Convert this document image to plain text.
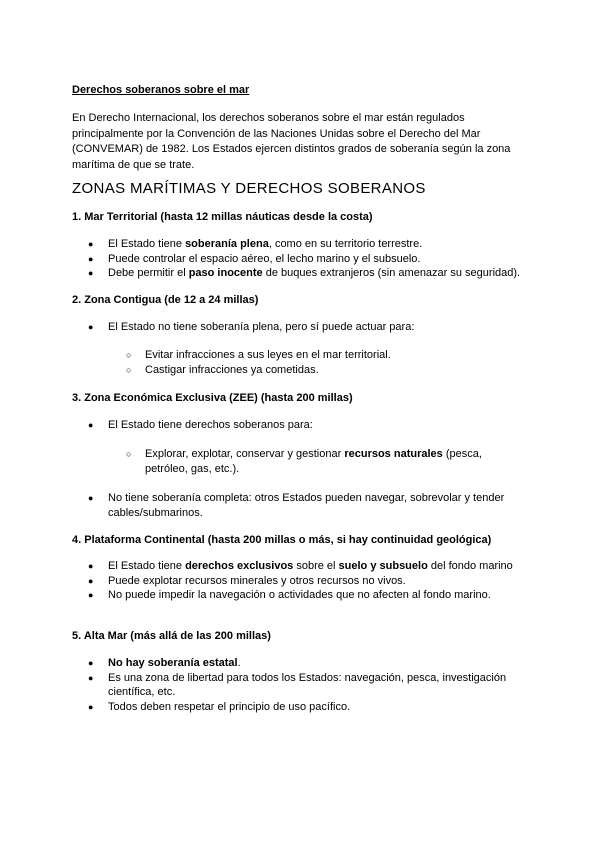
Derechos soberanos sobre el mar
En Derecho Internacional, los derechos soberanos sobre el mar están regulados principalmente por la Convención de las Naciones Unidas sobre el Derecho del Mar (CONVEMAR) de 1982. Los Estados ejercen distintos grados de soberanía según la zona marítima de que se trate.
ZONAS MARÍTIMAS Y DERECHOS SOBERANOS
1. Mar Territorial (hasta 12 millas náuticas desde la costa)
● El Estado tiene soberanía plena, como en su territorio terrestre.
● Puede controlar el espacio aéreo, el lecho marino y el subsuelo.
● Debe permitir el paso inocente de buques extranjeros (sin amenazar su seguridad).
2. Zona Contigua (de 12 a 24 millas)
● El Estado no tiene soberanía plena, pero sí puede actuar para:
○ Evitar infracciones a sus leyes en el mar territorial.
○ Castigar infracciones ya cometidas.
3. Zona Económica Exclusiva (ZEE) (hasta 200 millas)
● El Estado tiene derechos soberanos para:
○ Explorar, explotar, conservar y gestionar recursos naturales (pesca, petróleo, gas, etc.).
● No tiene soberanía completa: otros Estados pueden navegar, sobrevolar y tender cables/submarinos.
4. Plataforma Continental (hasta 200 millas o más, si hay continuidad geológica)
● El Estado tiene derechos exclusivos sobre el suelo y subsuelo del fondo marino
● Puede explotar recursos minerales y otros recursos no vivos.
● No puede impedir la navegación o actividades que no afecten al fondo marino.
5. Alta Mar (más allá de las 200 millas)
● No hay soberanía estatal.
● Es una zona de libertad para todos los Estados: navegación, pesca, investigación científica, etc.
● Todos deben respetar el principio de uso pacífico.
